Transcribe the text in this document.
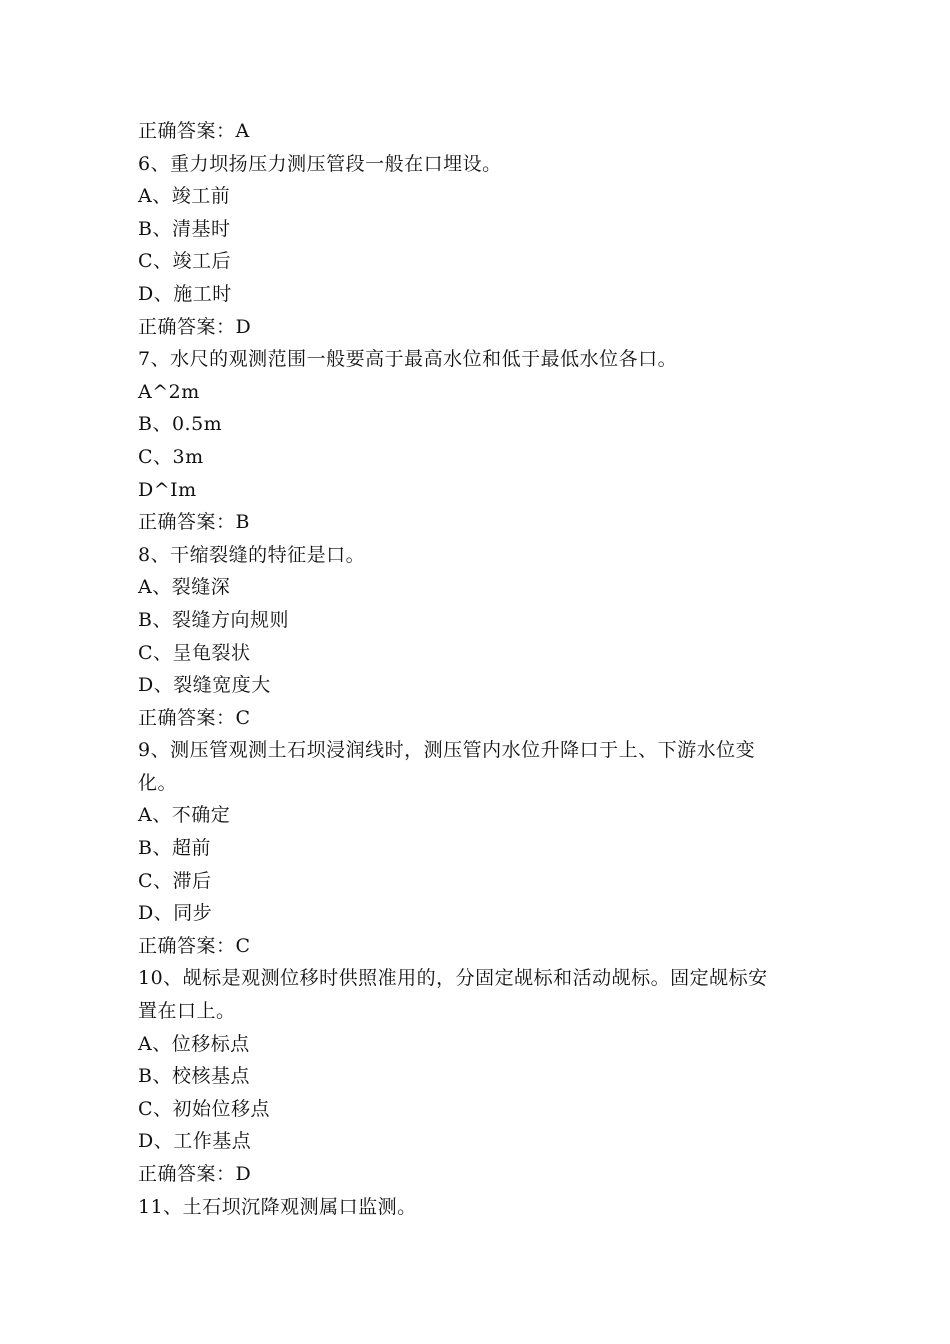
正确答案：A
6、重力坝扬压力测压管段一般在口埋设。
A、竣工前
B、清基时
C、竣工后
D、施工时
正确答案：D
7、水尺的观测范围一般要高于最高水位和低于最低水位各口。
A^2m
B、0.5m
C、3m
D^Im
正确答案：B
8、干缩裂缝的特征是口。
A、裂缝深
B、裂缝方向规则
C、呈龟裂状
D、裂缝宽度大
正确答案：C
9、测压管观测土石坝浸润线时，测压管内水位升降口于上、下游水位变
化。
A、不确定
B、超前
C、滞后
D、同步
正确答案：C
10、觇标是观测位移时供照准用的，分固定觇标和活动觇标。固定觇标安
置在口上。
A、位移标点
B、校核基点
C、初始位移点
D、工作基点
正确答案：D
11、土石坝沉降观测属口监测。
